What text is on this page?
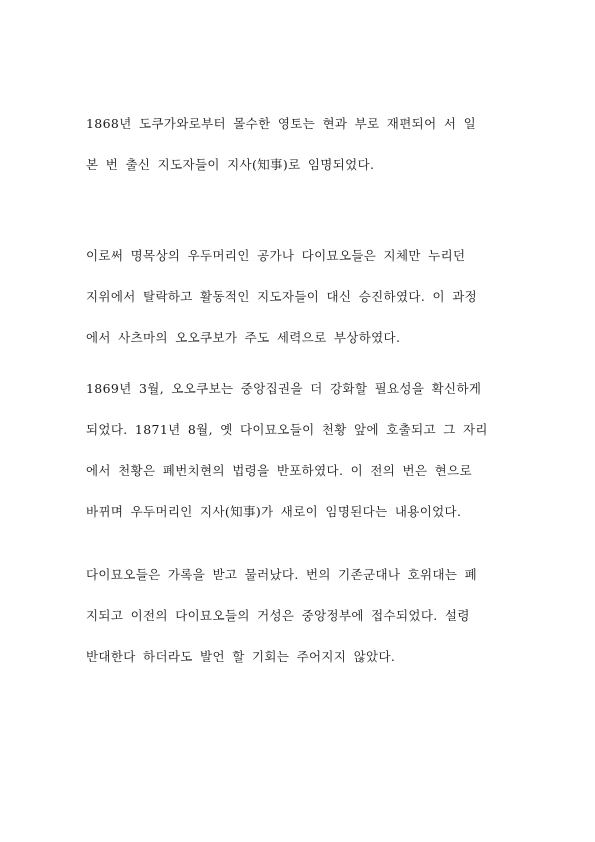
1868년 도쿠가와로부터 몰수한 영토는 현과 부로 재편되어 서 일
본 번 출신 지도자들이 지사(知事)로 임명되었다.

이로써 명목상의 우두머리인 공가나 다이묘오들은 지체만 누리던
지위에서 탈락하고 활동적인 지도자들이 대신 승진하였다. 이 과정
에서 사츠마의 오오쿠보가 주도 세력으로 부상하였다.

1869년 3월, 오오쿠보는 중앙집권을 더 강화할 필요성을 확신하게
되었다. 1871년 8월, 옛 다이묘오들이 천황 앞에 호출되고 그 자리
에서 천황은 폐번치현의 법령을 반포하였다. 이 전의 번은 현으로
바뀌며 우두머리인 지사(知事)가 새로이 임명된다는 내용이었다.

다이묘오들은 가록을 받고 물러났다. 번의 기존군대나 호위대는 폐
지되고 이전의 다이묘오들의 거성은 중앙정부에 접수되었다. 설령
반대한다 하더라도 발언 할 기회는 주어지지 않았다.
